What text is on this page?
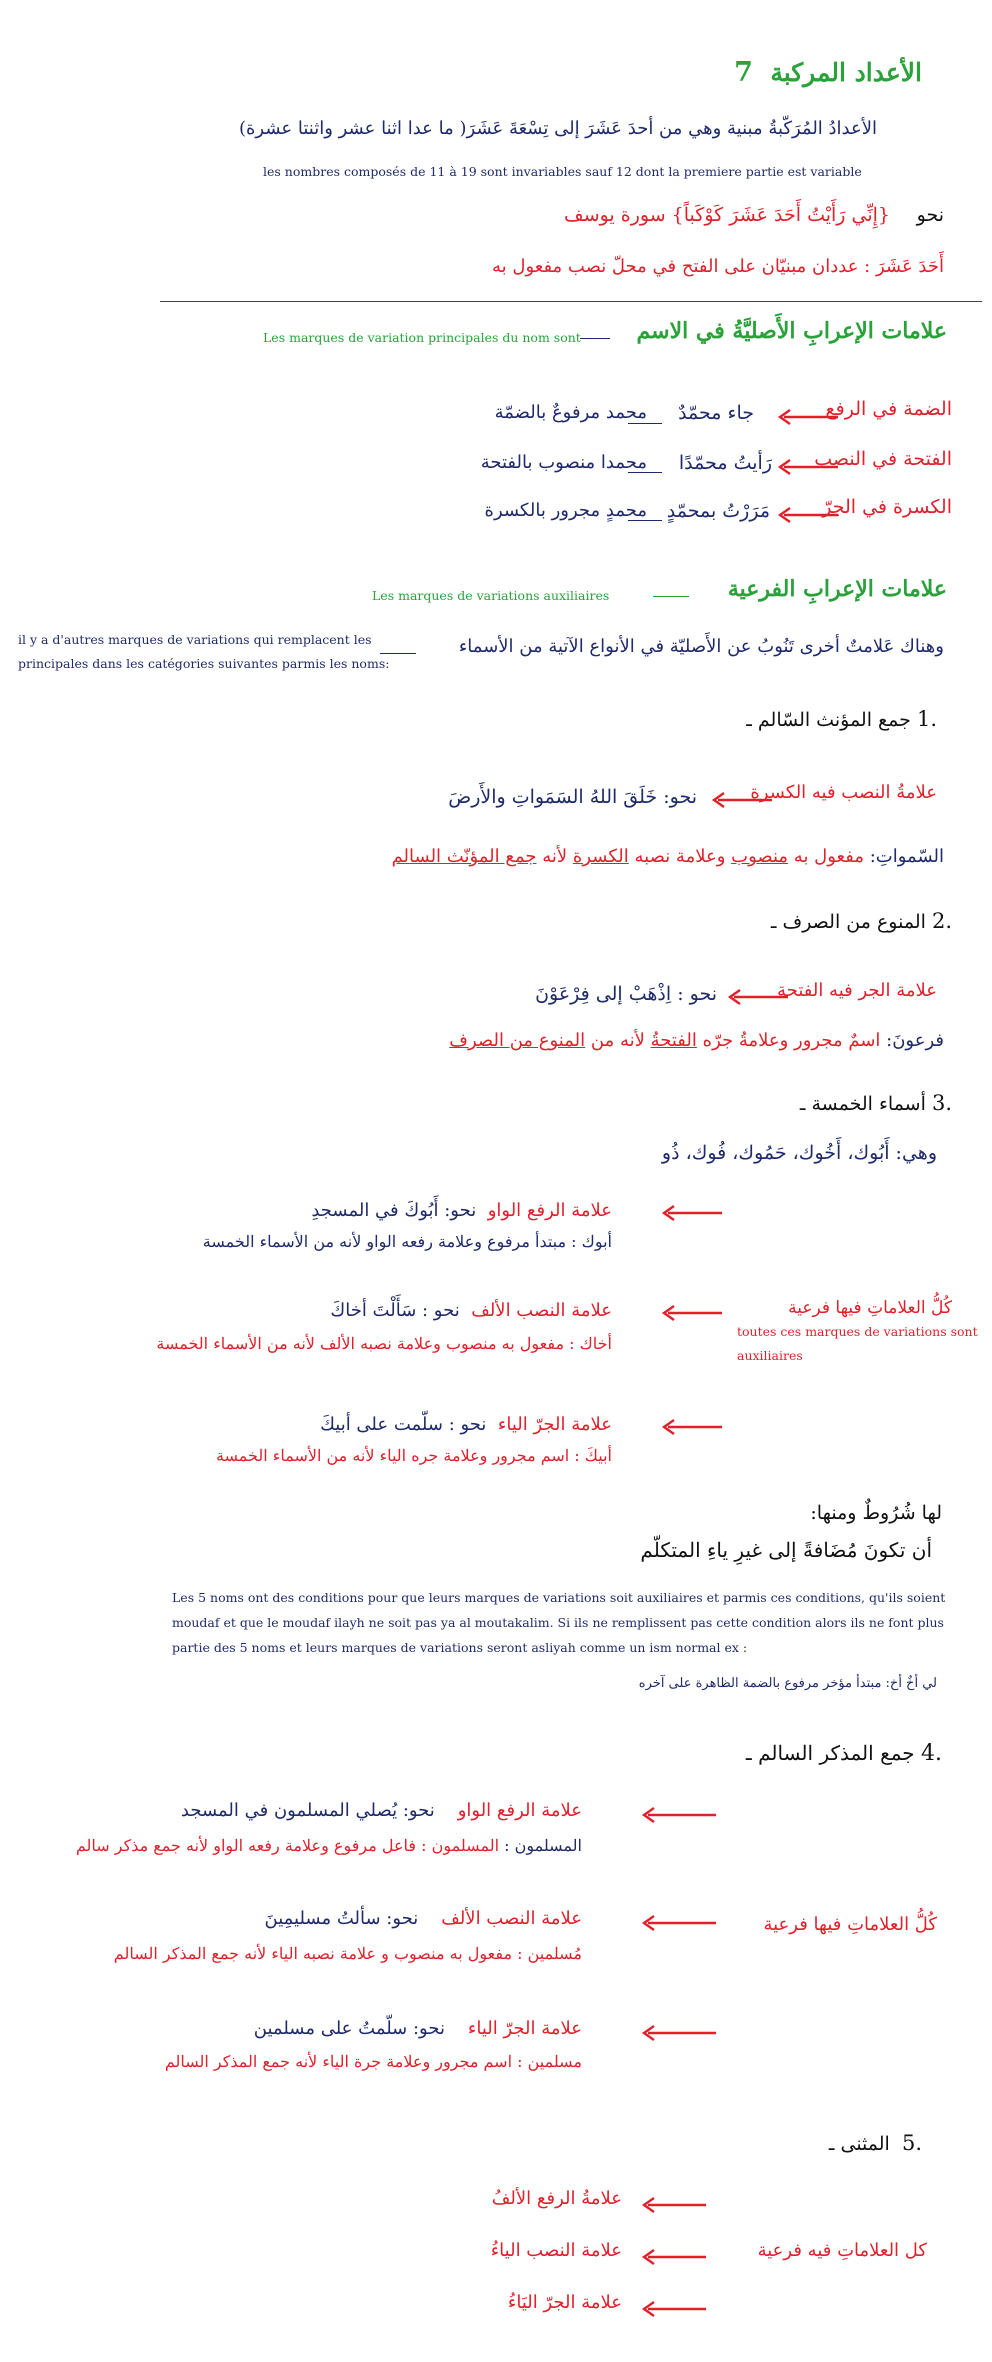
الأعداد المركبة  7
الأعدادُ المُرَكّبةُ مبنية وهي من أحدَ عَشَرَ إلى تِسْعَةَ عَشَرَ( ما عدا اثنا عشر واثنتا عشرة)
les nombres composés de 11 à 19 sont invariables sauf 12 dont la premiere partie est variable
نحو
{إِنِّي رَأَيْتُ أَحَدَ عَشَرَ كَوْكَباً} سورة يوسف
أَحَدَ عَشَرَ : عددان مبنيّان على الفتح في محلّ نصب مفعول به
علامات الإعرابِ الأَصليَّةُ في الاسم
Les marques de variation principales du nom sont
الضمة في الرفع
جاء محمّدٌ
محمد مرفوعٌ بالضمّة
الفتحة في النصب
رَأيتُ محمّدًا
محمدا منصوب بالفتحة
الكسرة في الجرّ
مَرَرْتُ بمحمّدٍ
محمدٍ مجرور بالكسرة
علامات الإعرابِ الفرعية
Les marques de variations auxiliaires
وهناك عَلامتٌ أخرى تَنُوبُ عن الأَصليّة في الأنواع الآتية من الأسماء
il y a d'autres marques de variations qui remplacent les
principales dans les catégories suivantes parmis les noms:
.1 جمع المؤنث السّالم ـ
علامةُ النصب فيه الكسرة
نحو: خَلَقَ اللهُ السَمَواتِ والأَرضَ
السّمواتِ: مفعول به منصوب وعلامة نصبه الكسرة لأنه جمع المؤنّث السالم
.2 المنوع من الصرف ـ
علامة الجر فيه الفتحة
نحو : اِذْهَبْ إلى فِرْعَوْنَ
فرعونَ: اسمٌ مجرور وعلامةُ جرّه الفتحةُ لأنه من المنوع من الصرف
.3 أسماء الخمسة ـ
وهي: أَبُوك، أَخُوك، حَمُوك، فُوك، ذُو
علامة الرفع الواو  نحو: أَبُوكَ في المسجدِ
أبوك : مبتدأ مرفوع وعلامة رفعه الواو لأنه من الأسماء الخمسة
علامة النصب الألف  نحو : سَأَلْتَ أخاكَ
أخاك : مفعول به منصوب وعلامة نصبه الألف لأنه من الأسماء الخمسة
علامة الجرّ الياء  نحو : سلّمت على أبيكَ
أبيكَ : اسم مجرور وعلامة جره الياء لأنه من الأسماء الخمسة
كُلُّ العلاماتِ فيها فرعية
toutes ces marques de variations sont
auxiliaires
لها شُرُوطٌ ومنها:
أن تكونَ مُضَافةً إلى غيرِ ياءِ المتكلّم
Les 5 noms ont des conditions pour que leurs marques de variations soit auxiliaires et parmis ces conditions, qu'ils soient
moudaf et que le moudaf ilayh ne soit pas ya al moutakalim. Si ils ne remplissent pas cette condition alors ils ne font plus
partie des 5 noms et leurs marques de variations seront asliyah comme un ism normal ex :
لي أخٌ أخ: مبتدأ مؤخر مرفوع بالضمة الظاهرة على آخره
.4 جمع المذكر السالم ـ
علامة الرفع الواو    نحو: يُصلي المسلمون في المسجد
المسلمون : المسلمون : فاعل مرفوع وعلامة رفعه الواو لأنه جمع مذكر سالم
علامة النصب الألف    نحو: سألتُ مسليمِينَ
مُسلمين : مفعول به منصوب و علامة نصبه الياء لأنه جمع المذكر السالم
علامة الجرّ الياء    نحو: سلّمتُ على مسلمين
مسلمين : اسم مجرور وعلامة جرة الياء لأنه جمع المذكر السالم
كُلُّ العلاماتِ فيها فرعية
.5  المثنى ـ
علامةُ الرفع الألفُ
علامة النصب الياءُ
علامة الجرّ اليَاءُ
كل العلاماتِ فيه فرعية
